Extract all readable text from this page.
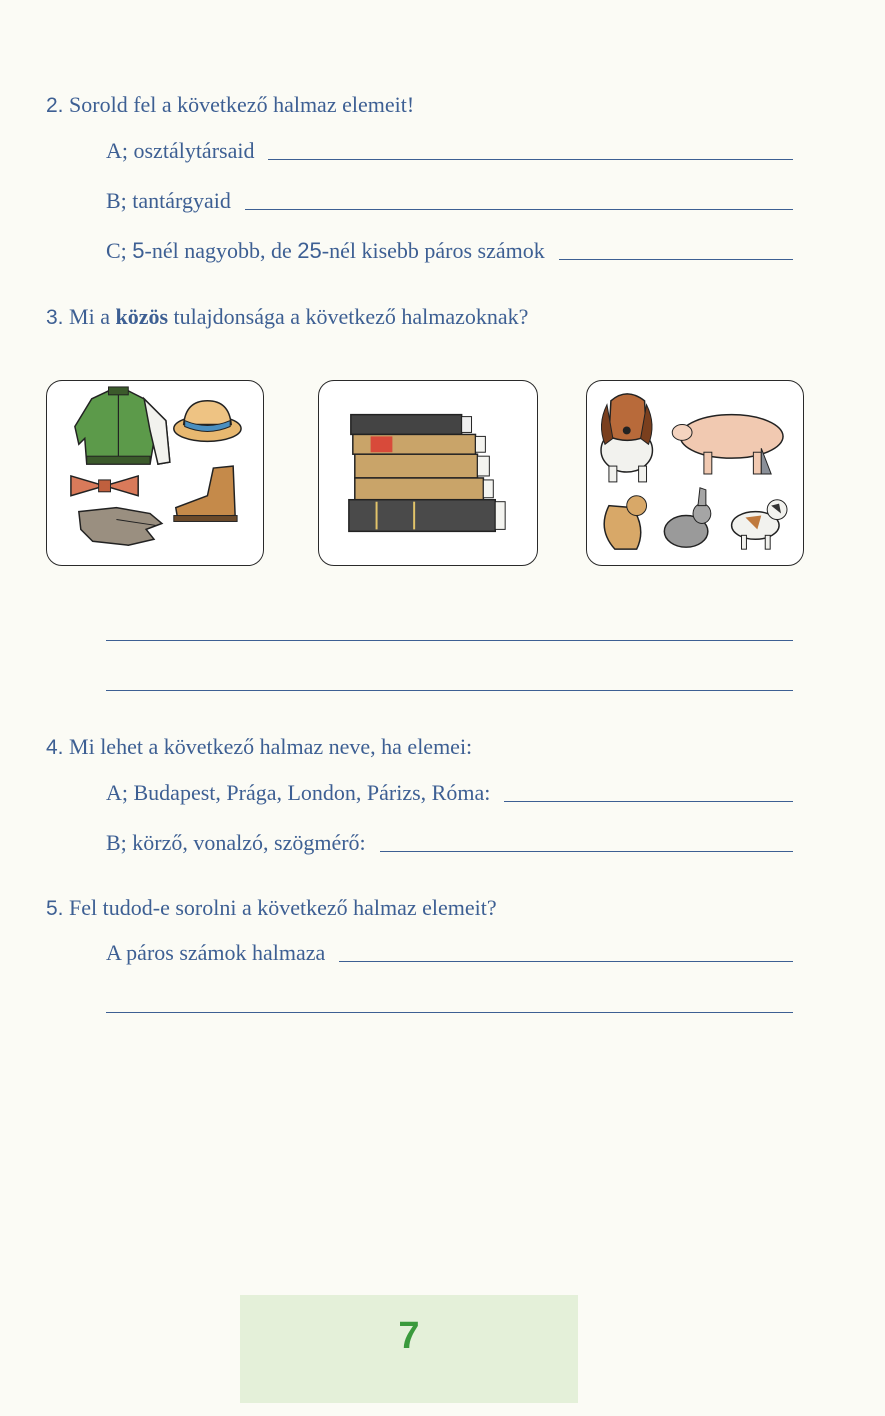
2. Sorold fel a következő halmaz elemeit!
A; osztálytársaid
B; tantárgyaid
C; 5-nél nagyobb, de 25-nél kisebb páros számok
3. Mi a közös tulajdonsága a következő halmazoknak?
4. Mi lehet a következő halmaz neve, ha elemei:
A; Budapest, Prága, London, Párizs, Róma:
B; körző, vonalzó, szögmérő:
5. Fel tudod-e sorolni a következő halmaz elemeit?
A páros számok halmaza
7
